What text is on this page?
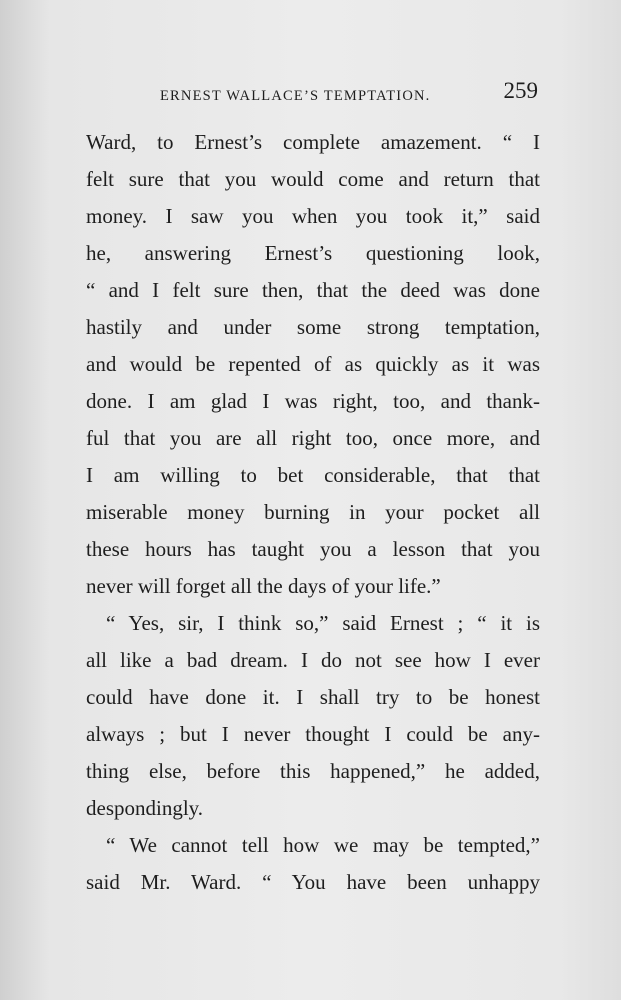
ERNEST WALLACE’S TEMPTATION.	259
Ward, to Ernest’s complete amazement. “ I
felt sure that you would come and return that
money. I saw you when you took it,” said
he, answering Ernest’s questioning look,
“ and I felt sure then, that the deed was done
hastily and under some strong temptation,
and would be repented of as quickly as it was
done. I am glad I was right, too, and thank-
ful that you are all right too, once more, and
I am willing to bet considerable, that that
miserable money burning in your pocket all
these hours has taught you a lesson that you
never will forget all the days of your life.”
“ Yes, sir, I think so,” said Ernest ; “ it is
all like a bad dream. I do not see how I ever
could have done it. I shall try to be honest
always ; but I never thought I could be any-
thing else, before this happened,” he added,
despondingly.
“ We cannot tell how we may be tempted,”
said Mr. Ward. “ You have been unhappy
